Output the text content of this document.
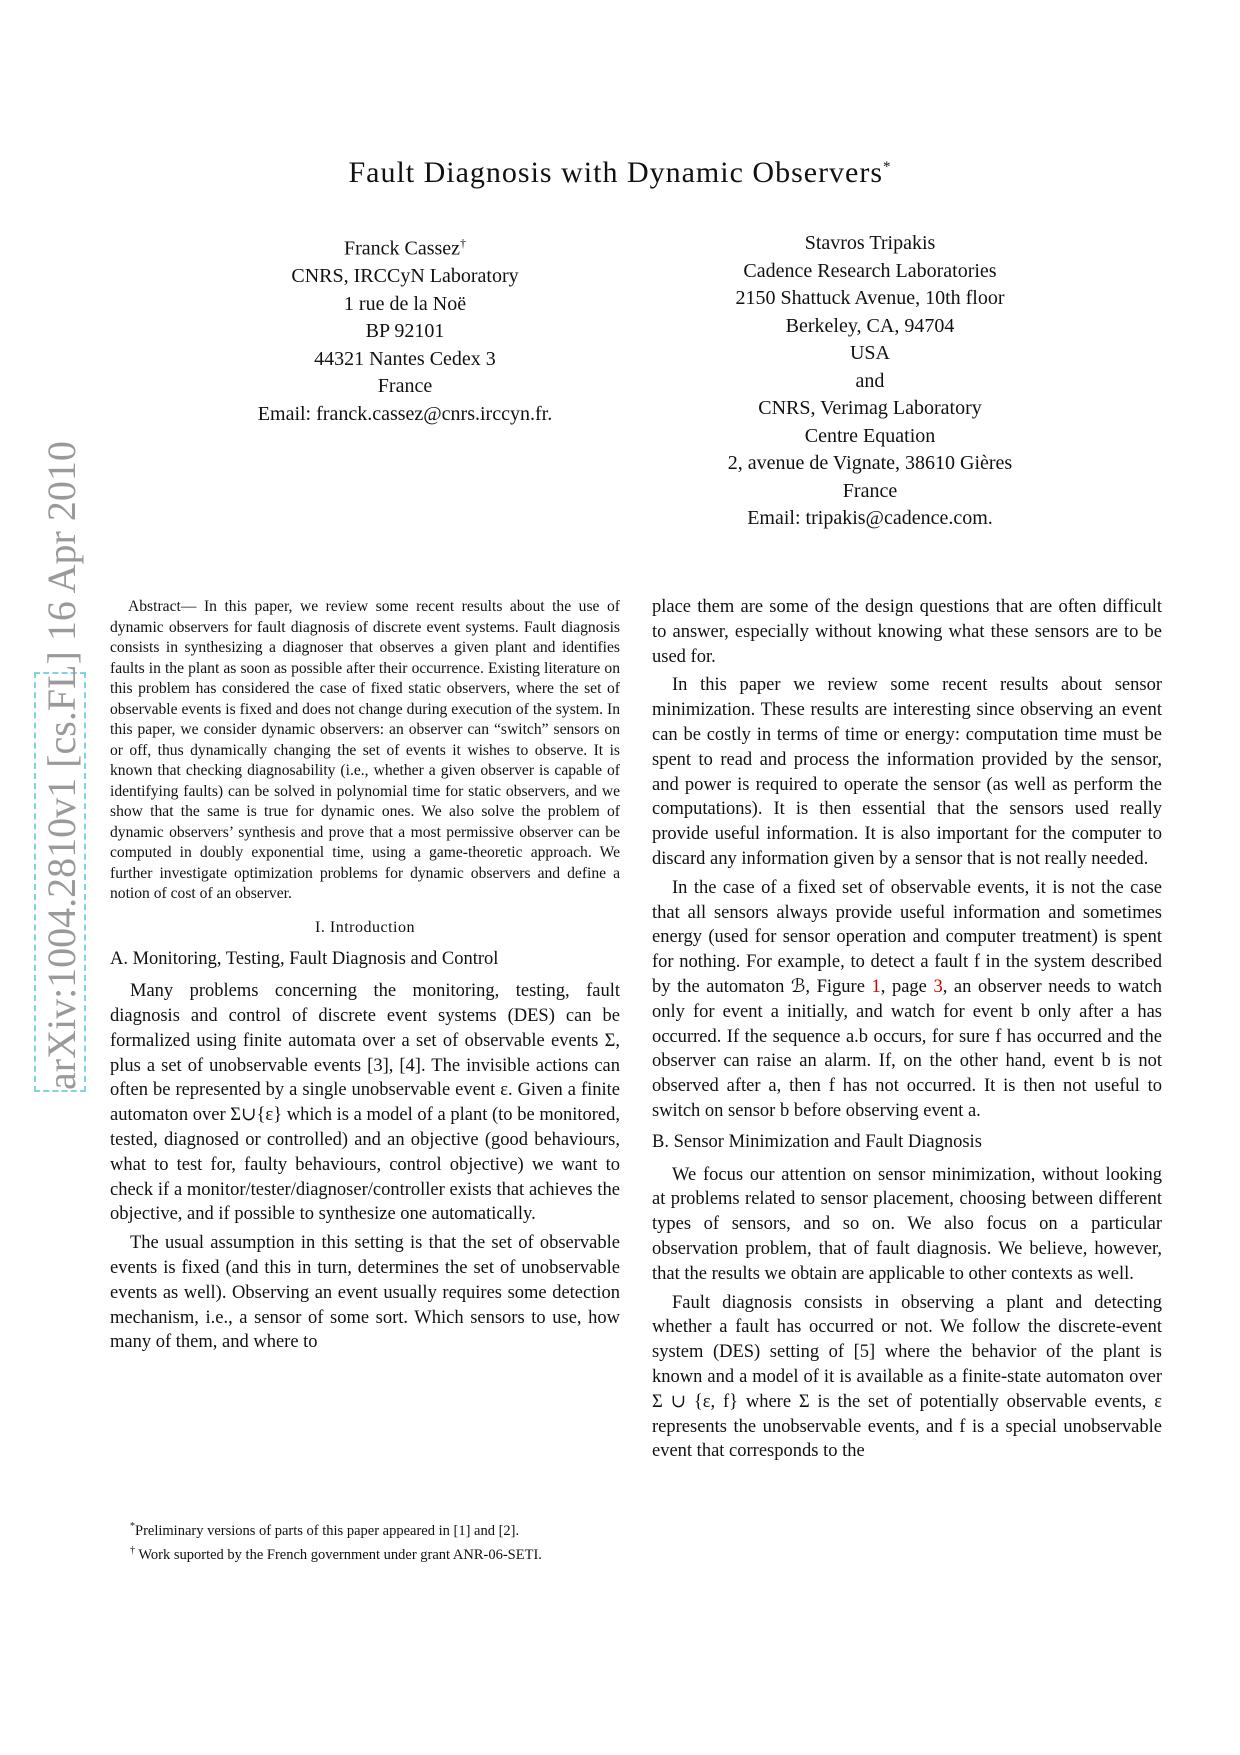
Fault Diagnosis with Dynamic Observers*
Franck Cassez†
CNRS, IRCCyN Laboratory
1 rue de la Noë
BP 92101
44321 Nantes Cedex 3
France
Email: franck.cassez@cnrs.irccyn.fr.
Stavros Tripakis
Cadence Research Laboratories
2150 Shattuck Avenue, 10th floor
Berkeley, CA, 94704
USA
and
CNRS, Verimag Laboratory
Centre Equation
2, avenue de Vignate, 38610 Gières
France
Email: tripakis@cadence.com.
arXiv:1004.2810v1 [cs.FL] 16 Apr 2010	Abstract— In this paper, we review some recent results about the use of dynamic observers for fault diagnosis of discrete event systems. Fault diagnosis consists in synthesizing a diagnoser that observes a given plant and identifies faults in the plant as soon as possible after their occurrence. Existing literature on this problem has considered the case of fixed static observers, where the set of observable events is fixed and does not change during execution of the system. In this paper, we consider dynamic observers: an observer can “switch” sensors on or off, thus dynamically changing the set of events it wishes to observe. It is known that checking diagnosability (i.e., whether a given observer is capable of identifying faults) can be solved in polynomial time for static observers, and we show that the same is true for dynamic ones. We also solve the problem of dynamic observers’ synthesis and prove that a most permissive observer can be computed in doubly exponential time, using a game-theoretic approach. We further investigate optimization problems for dynamic observers and define a notion of cost of an observer.

I. Introduction
A. Monitoring, Testing, Fault Diagnosis and Control

Many problems concerning the monitoring, testing, fault diagnosis and control of discrete event systems (DES) can be formalized using finite automata over a set of observable events Σ, plus a set of unobservable events [3], [4]. The invisible actions can often be represented by a single unobservable event ε. Given a finite automaton over Σ∪{ε} which is a model of a plant (to be monitored, tested, diagnosed or controlled) and an objective (good behaviours, what to test for, faulty behaviours, control objective) we want to check if a monitor/tester/diagnoser/controller exists that achieves the objective, and if possible to synthesize one automatically.

The usual assumption in this setting is that the set of observable events is fixed (and this in turn, determines the set of unobservable events as well). Observing an event usually requires some detection mechanism, i.e., a sensor of some sort. Which sensors to use, how many of them, and where to

*Preliminary versions of parts of this paper appeared in [1] and [2].

† Work suported by the French government under grant ANR-06-SETI.

place them are some of the design questions that are often difficult to answer, especially without knowing what these sensors are to be used for.

In this paper we review some recent results about sensor minimization. These results are interesting since observing an event can be costly in terms of time or energy: computation time must be spent to read and process the information provided by the sensor, and power is required to operate the sensor (as well as perform the computations). It is then essential that the sensors used really provide useful information. It is also important for the computer to discard any information given by a sensor that is not really needed.

In the case of a fixed set of observable events, it is not the case that all sensors always provide useful information and sometimes energy (used for sensor operation and computer treatment) is spent for nothing. For example, to detect a fault f in the system described by the automaton ℬ, Figure 1, page 3, an observer needs to watch only for event a initially, and watch for event b only after a has occurred. If the sequence a.b occurs, for sure f has occurred and the observer can raise an alarm. If, on the other hand, event b is not observed after a, then f has not occurred. It is then not useful to switch on sensor b before observing event a.

B. Sensor Minimization and Fault Diagnosis

We focus our attention on sensor minimization, without looking at problems related to sensor placement, choosing between different types of sensors, and so on. We also focus on a particular observation problem, that of fault diagnosis. We believe, however, that the results we obtain are applicable to other contexts as well.

Fault diagnosis consists in observing a plant and detecting whether a fault has occurred or not. We follow the discrete-event system (DES) setting of [5] where the behavior of the plant is known and a model of it is available as a finite-state automaton over Σ ∪ {ε, f} where Σ is the set of potentially observable events, ε represents the unobservable events, and f is a special unobservable event that corresponds to the
